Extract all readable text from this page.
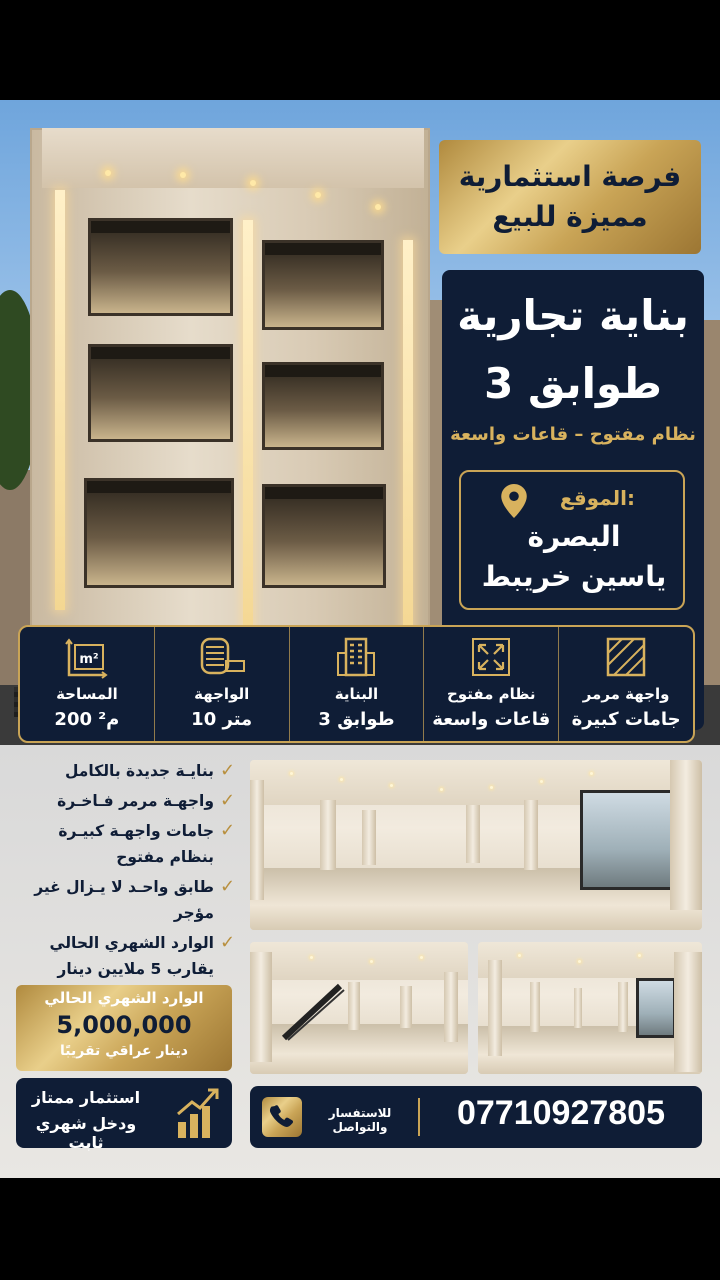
فرصة استثمارية
مميزة للبيع
بناية تجارية
3 طوابق
نظام مفتوح – قاعات واسعة
الموقع:
البصرة
ياسين خريبط
m²
المساحة
200 م²
الواجهة
10 متر
البناية
3 طوابق
نظام مفتوح
قاعات واسعة
واجهة مرمر
جامات كبيرة
✓
بنايـة جديدة بالكامل
✓
واجهـة مرمر فـاخـرة
✓
جامات واجهـة كبيـرة بنظام مفتوح
✓
طابق واحـد لا يـزال غير مؤجر
✓
الوارد الشهري الحالي يقارب 5 ملايين دينار
الوارد الشهري الحالي
5,000,000
دينار عراقي تقريبًا
استثمار ممتاز
ودخل شهري ثابت
للاستفسار والتواصل	07710927805
